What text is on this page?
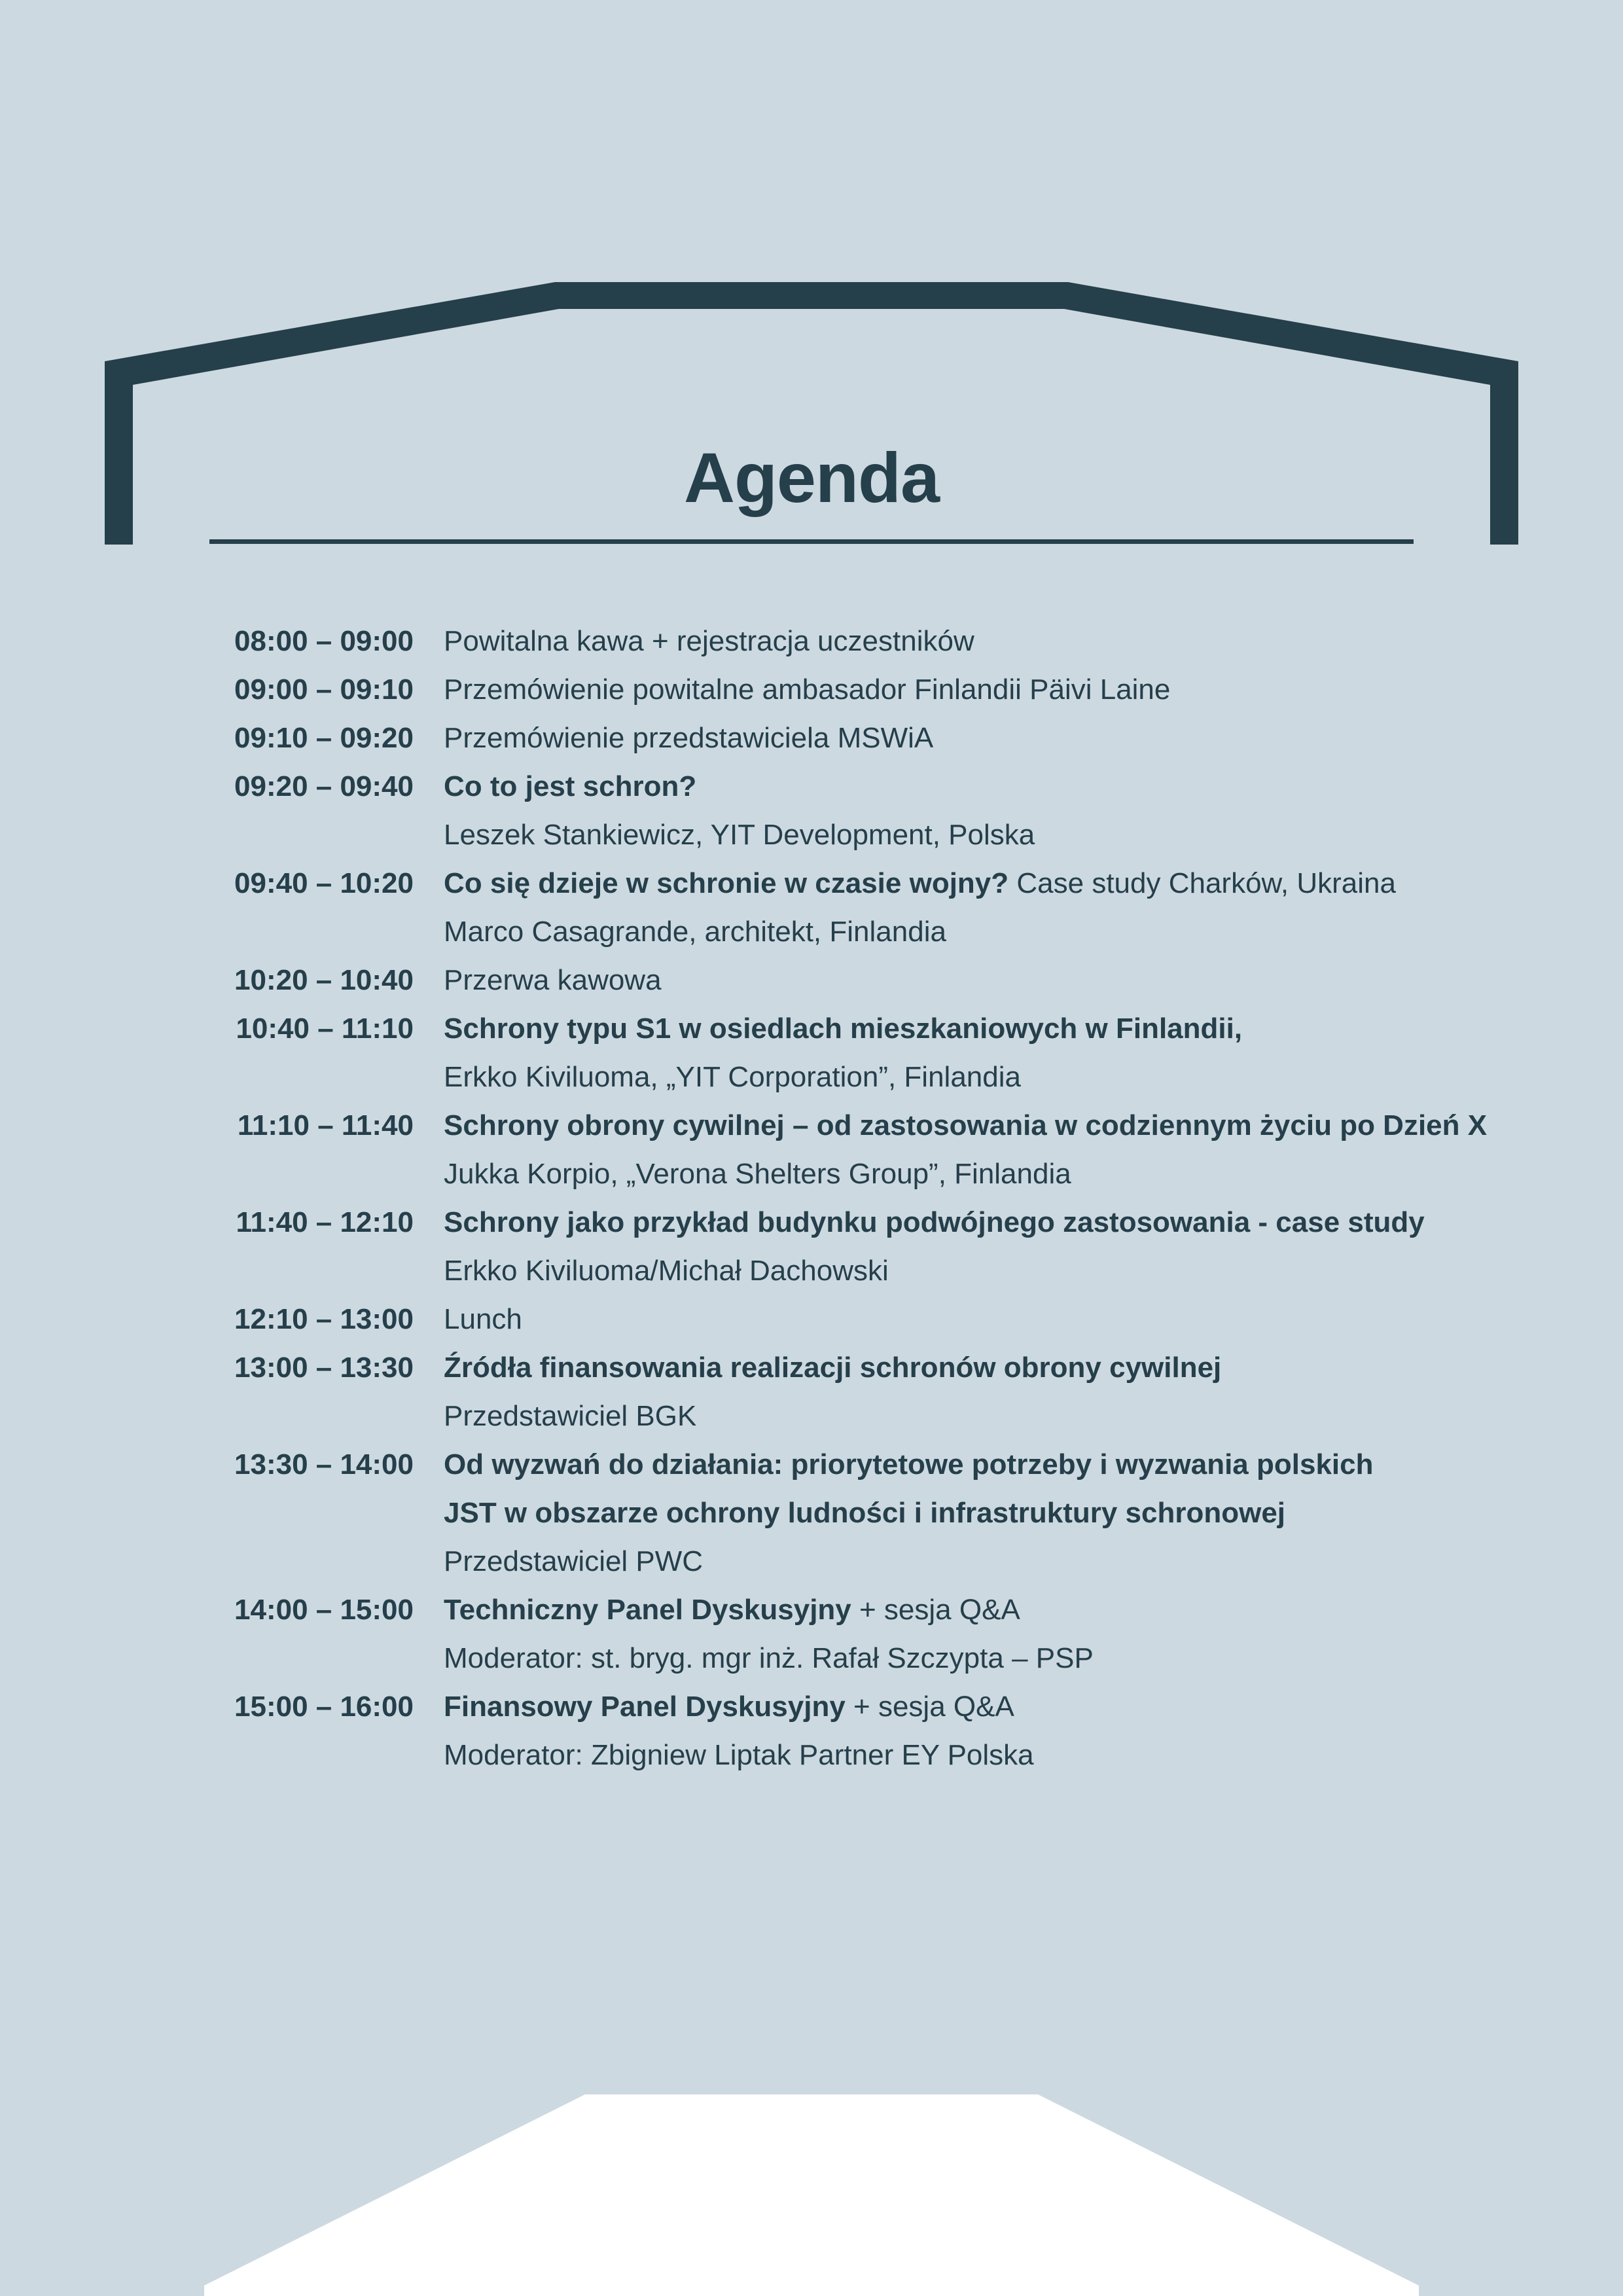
Agenda
08:00 – 09:00 Powitalna kawa + rejestracja uczestników
09:00 – 09:10 Przemówienie powitalne ambasador Finlandii Päivi Laine
09:10 – 09:20 Przemówienie przedstawiciela MSWiA
09:20 – 09:40 Co to jest schron?
Leszek Stankiewicz, YIT Development, Polska
09:40 – 10:20 Co się dzieje w schronie w czasie wojny? Case study Charków, Ukraina
Marco Casagrande, architekt, Finlandia
10:20 – 10:40 Przerwa kawowa
10:40 – 11:10 Schrony typu S1 w osiedlach mieszkaniowych w Finlandii,
Erkko Kiviluoma, „YIT Corporation”, Finlandia
11:10 – 11:40 Schrony obrony cywilnej – od zastosowania w codziennym życiu po Dzień X
Jukka Korpio, „Verona Shelters Group”, Finlandia
11:40 – 12:10 Schrony jako przykład budynku podwójnego zastosowania - case study
Erkko Kiviluoma/Michał Dachowski
12:10 – 13:00 Lunch
13:00 – 13:30 Źródła finansowania realizacji schronów obrony cywilnej
Przedstawiciel BGK
13:30 – 14:00 Od wyzwań do działania: priorytetowe potrzeby i wyzwania polskich
JST w obszarze ochrony ludności i infrastruktury schronowej
Przedstawiciel PWC
14:00 – 15:00 Techniczny Panel Dyskusyjny + sesja Q&A
Moderator: st. bryg. mgr inż. Rafał Szczypta – PSP
15:00 – 16:00 Finansowy Panel Dyskusyjny + sesja Q&A
Moderator: Zbigniew Liptak Partner EY Polska
